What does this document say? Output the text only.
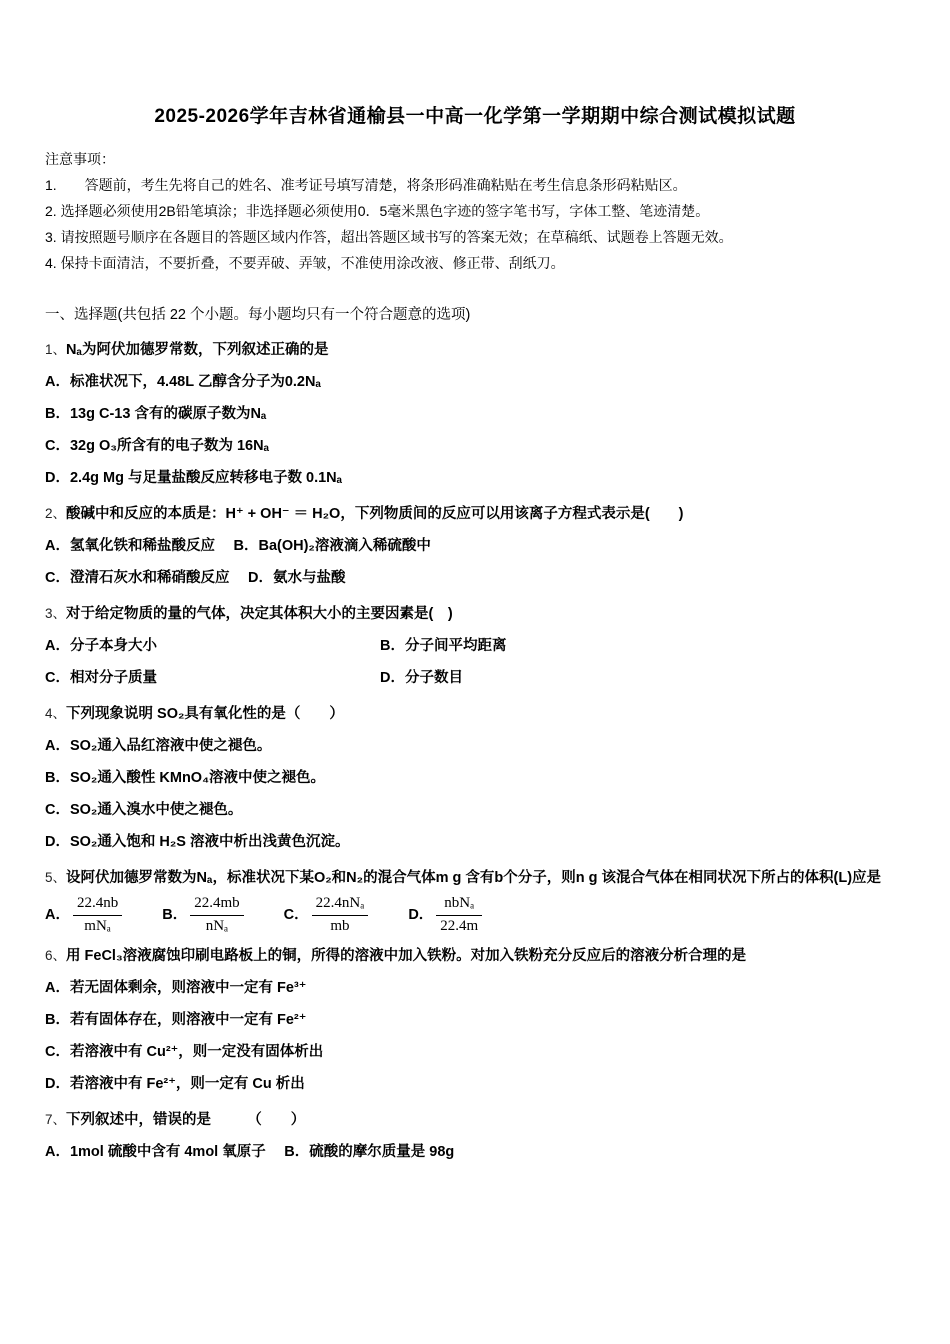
2025-2026学年吉林省通榆县一中高一化学第一学期期中综合测试模拟试题

注意事项：

1.　　答题前，考生先将自己的姓名、准考证号填写清楚，将条形码准确粘贴在考生信息条形码粘贴区。

2. 选择题必须使用2B铅笔填涂；非选择题必须使用0．5毫米黑色字迹的签字笔书写，字体工整、笔迹清楚。

3. 请按照题号顺序在各题目的答题区域内作答，超出答题区域书写的答案无效；在草稿纸、试题卷上答题无效。

4. 保持卡面清洁，不要折叠，不要弄破、弄皱，不准使用涂改液、修正带、刮纸刀。

一、选择题(共包括 22 个小题。每小题均只有一个符合题意的选项)

1、Nₐ为阿伏加德罗常数，下列叙述正确的是

A．标准状况下，4.48L 乙醇含分子为0.2Nₐ

B．13g C-13 含有的碳原子数为Nₐ

C．32g O₃所含有的电子数为 16Nₐ

D．2.4g Mg 与足量盐酸反应转移电子数 0.1Nₐ

2、酸碱中和反应的本质是：H⁺ + OH⁻ ＝ H₂O，下列物质间的反应可以用该离子方程式表示是(　　)

A．氢氧化铁和稀盐酸反应　 B．Ba(OH)₂溶液滴入稀硫酸中

C．澄清石灰水和稀硝酸反应　 D．氨水与盐酸

3、对于给定物质的量的气体，决定其体积大小的主要因素是(　)

A．分子本身大小	B．分子间平均距离

C．相对分子质量	D．分子数目

4、下列现象说明 SO₂具有氧化性的是（　　）

A．SO₂通入品红溶液中使之褪色。

B．SO₂通入酸性 KMnO₄溶液中使之褪色。

C．SO₂通入溴水中使之褪色。

D．SO₂通入饱和 H₂S 溶液中析出浅黄色沉淀。

5、设阿伏加德罗常数为Nₐ，标准状况下某O₂和N₂的混合气体m g 含有b个分子，则n g 该混合气体在相同状况下所占的体积(L)应是

A． $\frac{22.4nb}{\text{mNₐ}}$	B． $\frac{22.4mb}{\text{nNₐ}}$	C． $\frac{\text{22.4nNₐ}}{mb}$	D． $\frac{\text{nbNₐ}}{22.4m}$

6、用 FeCl₃溶液腐蚀印刷电路板上的铜，所得的溶液中加入铁粉。对加入铁粉充分反应后的溶液分析合理的是

A．若无固体剩余，则溶液中一定有 Fe³⁺

B．若有固体存在，则溶液中一定有 Fe²⁺

C．若溶液中有 Cu²⁺，则一定没有固体析出

D．若溶液中有 Fe²⁺，则一定有 Cu 析出

7、下列叙述中，错误的是　　　（　　）

A．1mol 硫酸中含有 4mol 氧原子　 B．硫酸的摩尔质量是 98g
